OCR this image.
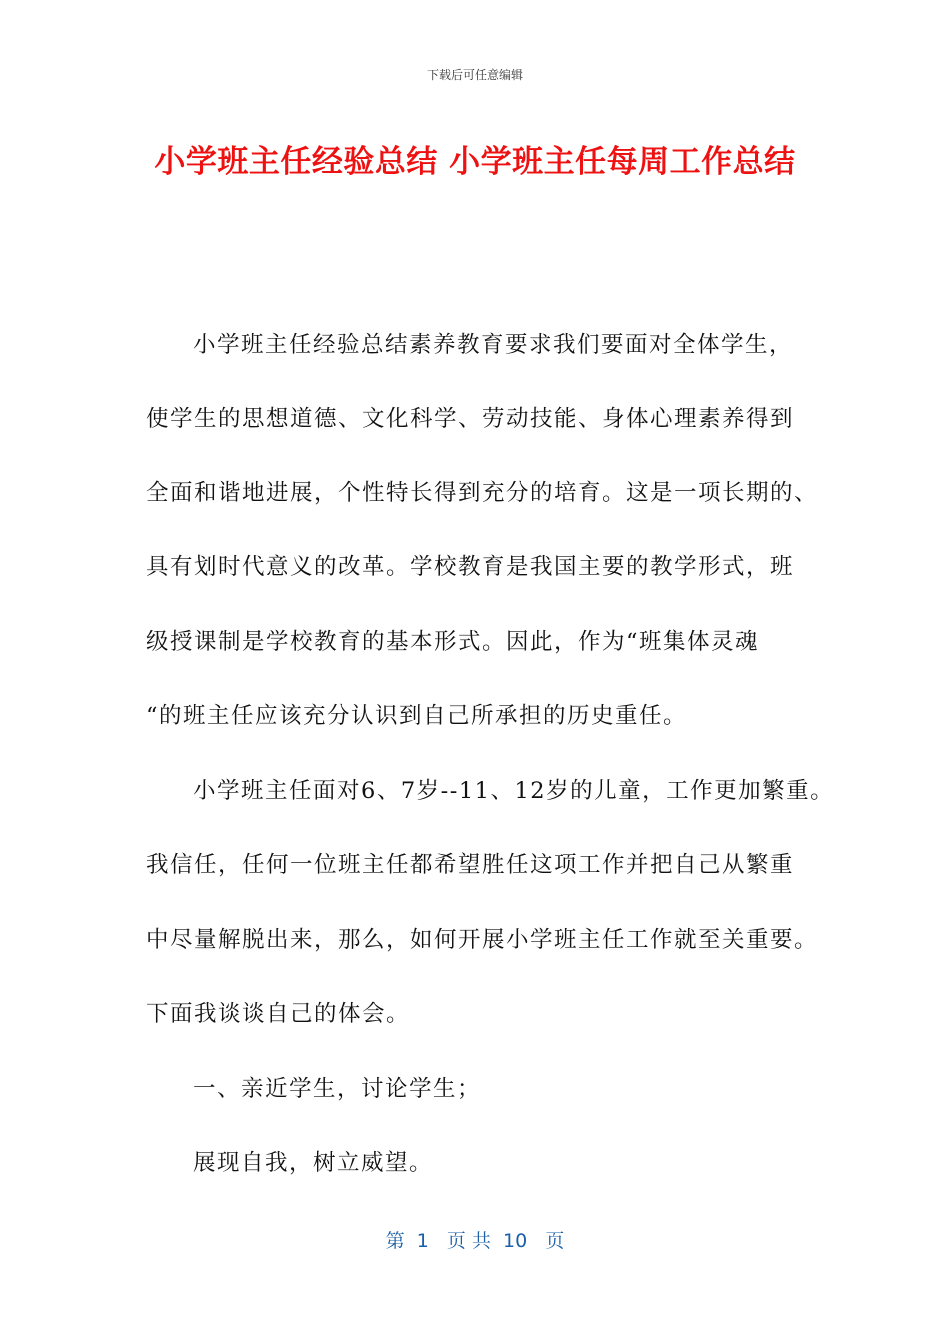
下载后可任意编辑
小学班主任经验总结 小学班主任每周工作总结
小学班主任经验总结素养教育要求我们要面对全体学生，
使学生的思想道德、文化科学、劳动技能、身体心理素养得到
全面和谐地进展，个性特长得到充分的培育。这是一项长期的、
具有划时代意义的改革。学校教育是我国主要的教学形式，班
级授课制是学校教育的基本形式。因此，作为“班集体灵魂
“的班主任应该充分认识到自己所承担的历史重任。
小学班主任面对6、7岁--11、12岁的儿童，工作更加繁重。
我信任，任何一位班主任都希望胜任这项工作并把自己从繁重
中尽量解脱出来，那么，如何开展小学班主任工作就至关重要。
下面我谈谈自己的体会。
一、亲近学生，讨论学生；
展现自我，树立威望。
第  1   页 共  10   页
